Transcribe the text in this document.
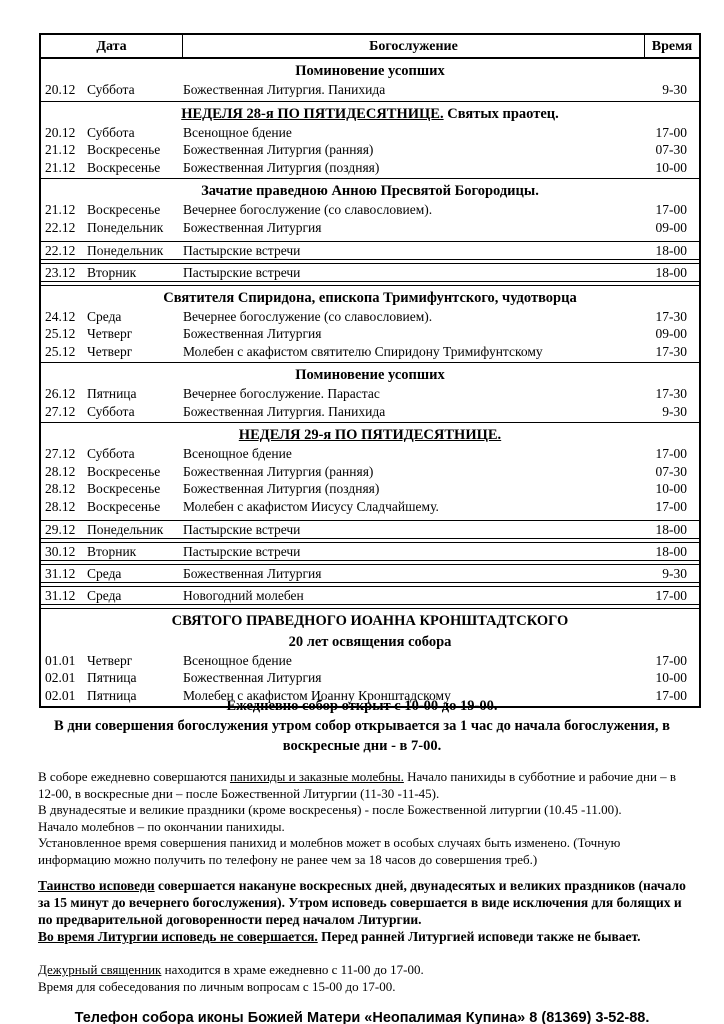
Дата	Богослужение	Время
Поминовение усопших
20.12 Суббота	Божественная Литургия. Панихида	9-30
НЕДЕЛЯ 28-я ПО ПЯТИДЕСЯТНИЦЕ. Святых праотец.
20.12 Суббота	Всенощное бдение	17-00
21.12 Воскресенье	Божественная Литургия (ранняя)	07-30
21.12 Воскресенье	Божественная Литургия (поздняя)	10-00
Зачатие праведною Анною Пресвятой Богородицы.
21.12 Воскресенье	Вечернее богослужение (со славословием).	17-00
22.12 Понедельник	Божественная Литургия	09-00
22.12 Понедельник	Пастырские встречи	18-00
23.12 Вторник	Пастырские встречи	18-00
Святителя Спиридона, епископа Тримифунтского, чудотворца
24.12 Среда	Вечернее богослужение (со славословием).	17-30
25.12 Четверг	Божественная Литургия	09-00
25.12 Четверг	Молебен с акафистом святителю Спиридону Тримифунтскому	17-30
Поминовение усопших
26.12 Пятница	Вечернее богослужение. Парастас	17-30
27.12 Суббота	Божественная Литургия. Панихида	9-30
НЕДЕЛЯ 29-я ПО ПЯТИДЕСЯТНИЦЕ.
27.12 Суббота	Всенощное бдение	17-00
28.12 Воскресенье	Божественная Литургия (ранняя)	07-30
28.12 Воскресенье	Божественная Литургия (поздняя)	10-00
28.12 Воскресенье	Молебен с акафистом Иисусу Сладчайшему.	17-00
29.12 Понедельник	Пастырские встречи	18-00
30.12 Вторник	Пастырские встречи	18-00
31.12 Среда	Божественная Литургия	9-30
31.12 Среда	Новогодний молебен	17-00
СВЯТОГО ПРАВЕДНОГО ИОАННА КРОНШТАДТСКОГО
20 лет освящения собора
01.01 Четверг	Всенощное бдение	17-00
02.01 Пятница	Божественная Литургия	10-00
02.01 Пятница	Молебен с акафистом Иоанну Кронштадскому	17-00

Ежедневно собор открыт с 10-00 до 19-00.

В дни совершения богослужения утром собор открывается за 1 час до начала богослужения, в воскресные дни - в 7-00.

В соборе ежедневно совершаются панихиды и заказные молебны. Начало панихиды в субботние и рабочие дни – в 12-00, в воскресные дни – после Божественной Литургии (11-30 -11-45).

В двунадесятые и великие праздники (кроме воскресенья) - после Божественной литургии (10.45 -11.00).

Начало молебнов – по окончании панихиды.

Установленное время совершения панихид и молебнов может в особых случаях быть изменено. (Точную информацию можно получить по телефону не ранее чем за 18 часов до совершения треб.)

Таинство исповеди совершается накануне воскресных дней, двунадесятых и великих праздников (начало за 15 минут до вечернего богослужения). Утром исповедь совершается в виде исключения для болящих и по предварительной договоренности перед началом Литургии.

Во время Литургии исповедь не совершается. Перед ранней Литургией исповеди также не бывает.

Дежурный священник находится в храме ежедневно с 11-00 до 17-00.

Время для собеседования по личным вопросам с 15-00 до 17-00.

Телефон собора иконы Божией Матери «Неопалимая Купина» 8 (81369) 3-52-88.
